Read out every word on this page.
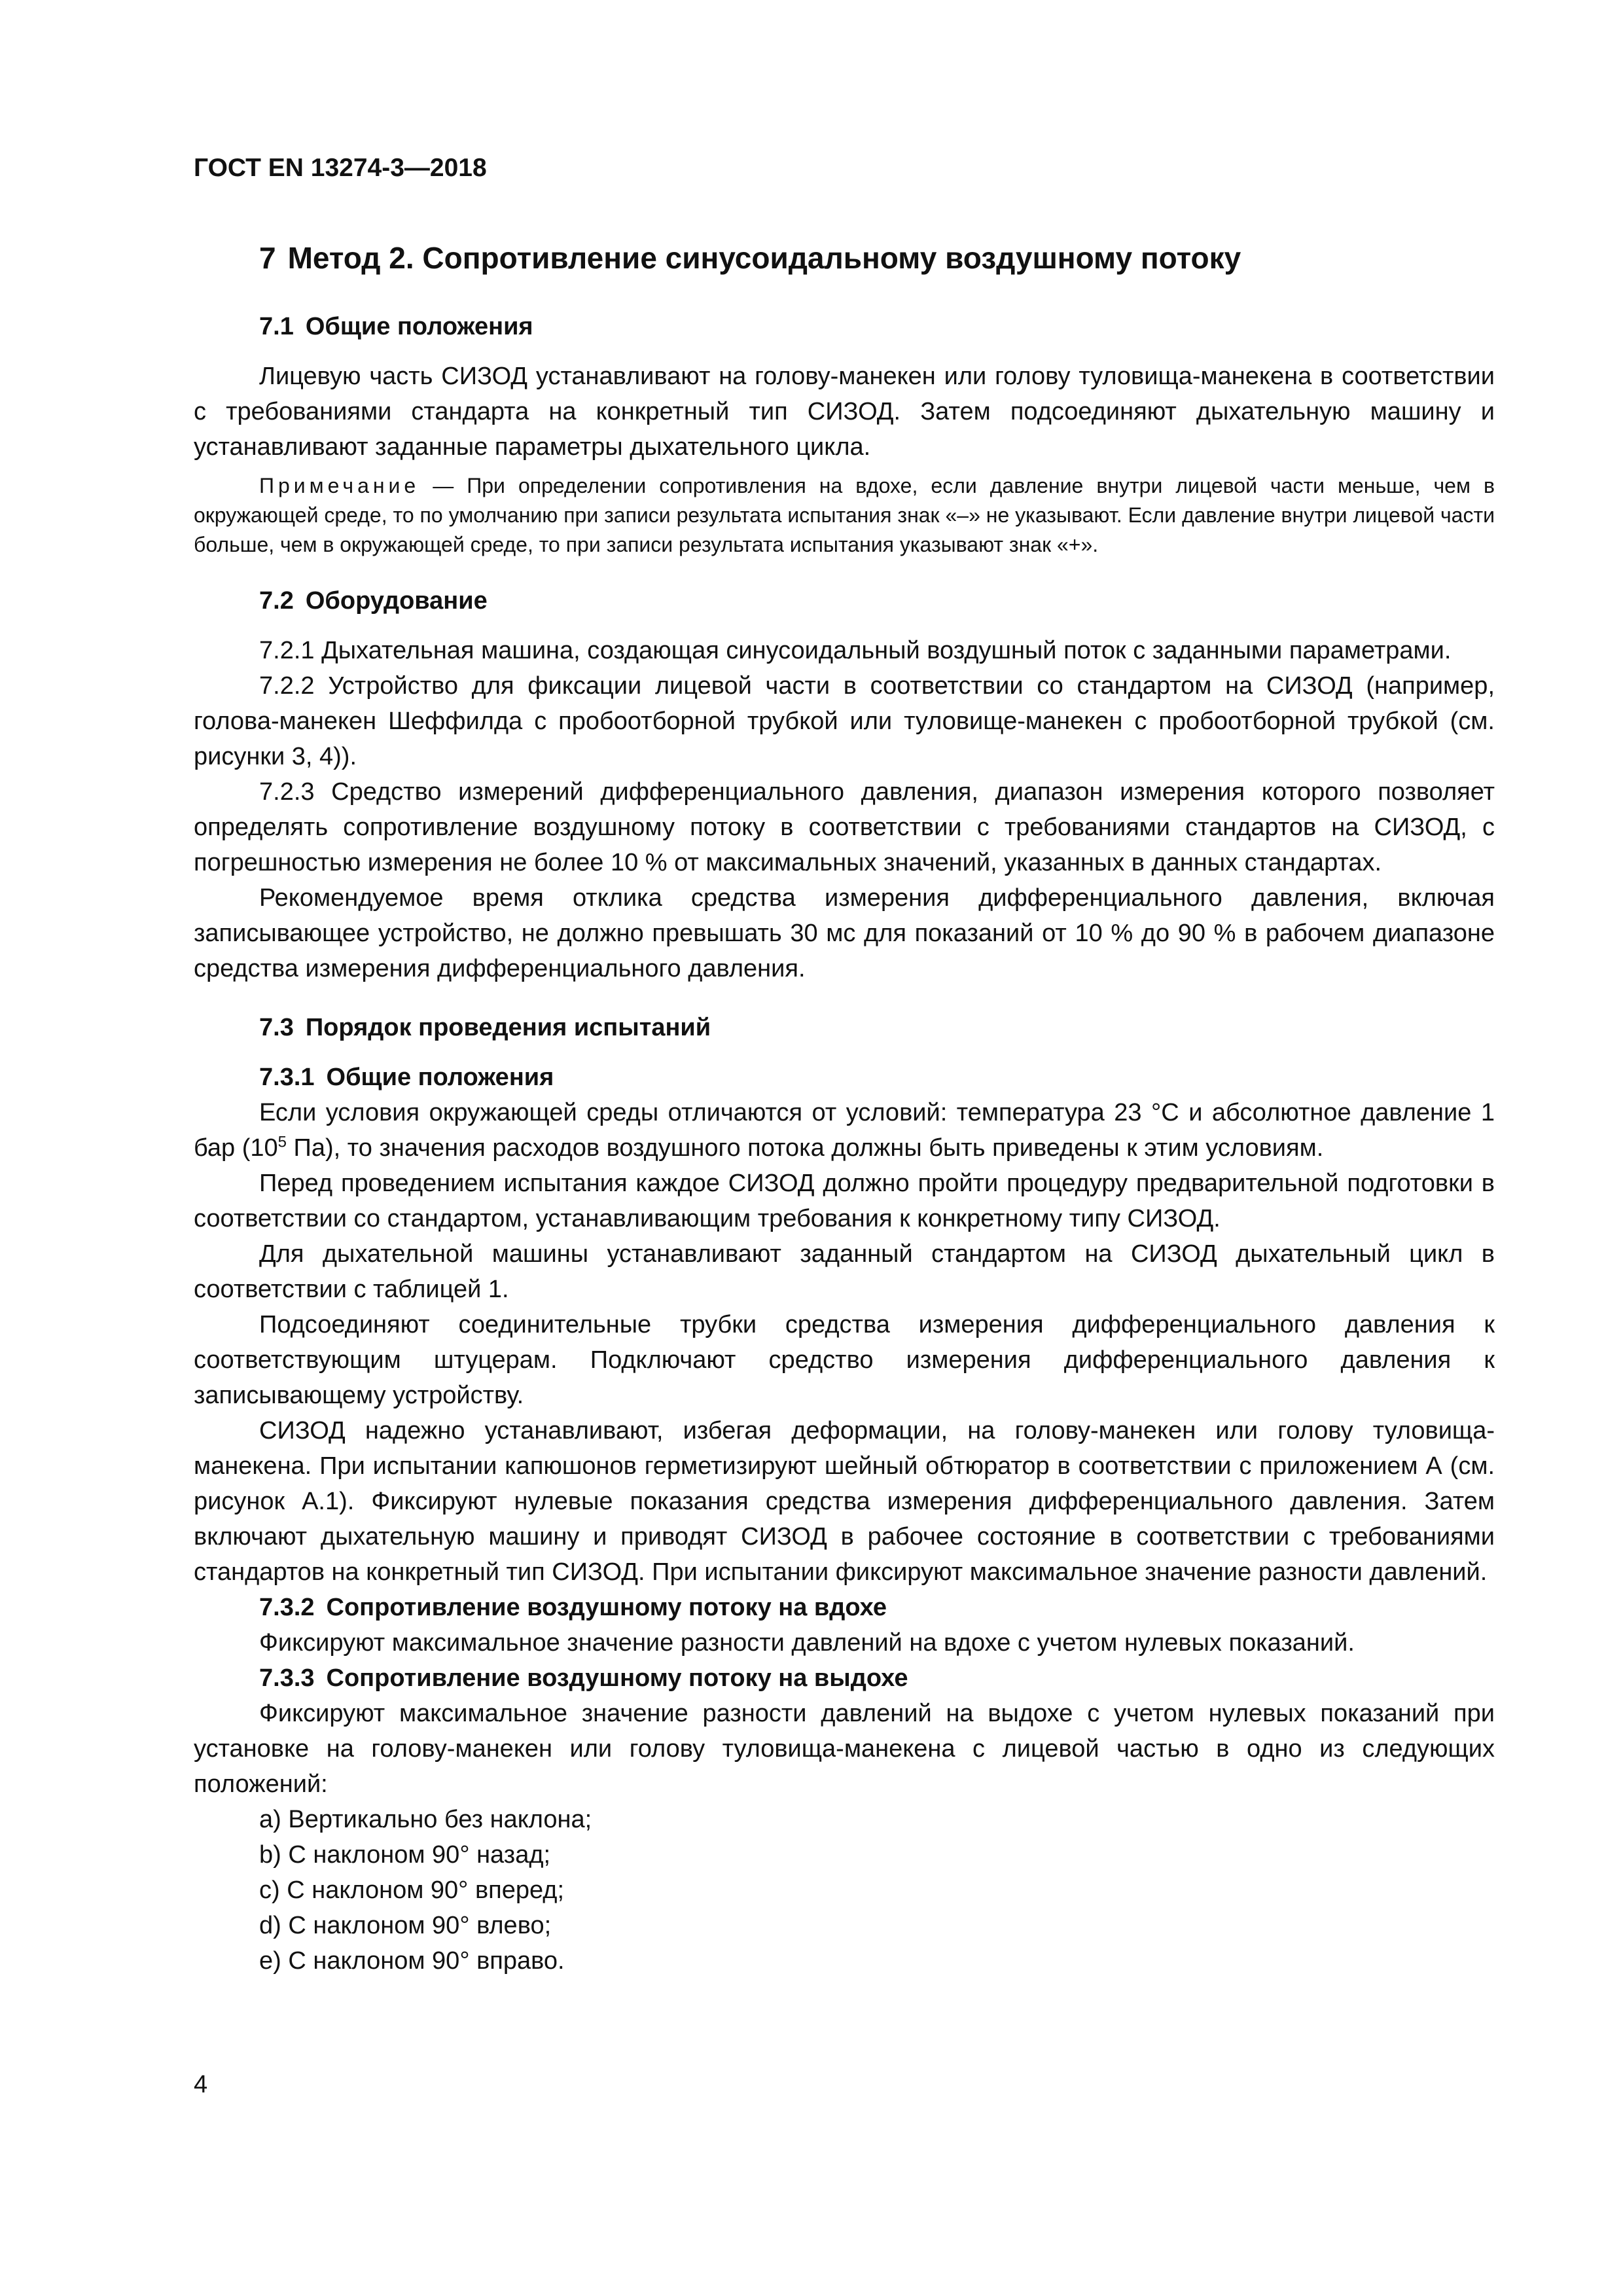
ГОСТ EN 13274-3—2018
7 Метод 2. Сопротивление синусоидальному воздушному потоку
7.1 Общие положения

Лицевую часть СИЗОД устанавливают на голову-манекен или голову туловища-манекена в соответствии с требованиями стандарта на конкретный тип СИЗОД. Затем подсоединяют дыхательную машину и устанавливают заданные параметры дыхательного цикла.

Примечание — При определении сопротивления на вдохе, если давление внутри лицевой части меньше, чем в окружающей среде, то по умолчанию при записи результата испытания знак «–» не указывают. Если давление внутри лицевой части больше, чем в окружающей среде, то при записи результата испытания указывают знак «+».
7.2 Оборудование

7.2.1 Дыхательная машина, создающая синусоидальный воздушный поток с заданными параметрами.

7.2.2 Устройство для фиксации лицевой части в соответствии со стандартом на СИЗОД (например, голова-манекен Шеффилда с пробоотборной трубкой или туловище-манекен с пробоотборной трубкой (см. рисунки 3, 4)).

7.2.3 Средство измерений дифференциального давления, диапазон измерения которого позволяет определять сопротивление воздушному потоку в соответствии с требованиями стандартов на СИЗОД, с погрешностью измерения не более 10 % от максимальных значений, указанных в данных стандартах.

Рекомендуемое время отклика средства измерения дифференциального давления, включая записывающее устройство, не должно превышать 30 мс для показаний от 10 % до 90 % в рабочем диапазоне средства измерения дифференциального давления.

7.3 Порядок проведения испытаний
7.3.1 Общие положения

Если условия окружающей среды отличаются от условий: температура 23 °С и абсолютное давление 1 бар ($10^5$ Па), то значения расходов воздушного потока должны быть приведены к этим условиям.

Перед проведением испытания каждое СИЗОД должно пройти процедуру предварительной подготовки в соответствии со стандартом, устанавливающим требования к конкретному типу СИЗОД.

Для дыхательной машины устанавливают заданный стандартом на СИЗОД дыхательный цикл в соответствии с таблицей 1.

Подсоединяют соединительные трубки средства измерения дифференциального давления к соответствующим штуцерам. Подключают средство измерения дифференциального давления к записывающему устройству.

СИЗОД надежно устанавливают, избегая деформации, на голову-манекен или голову туловища-манекена. При испытании капюшонов герметизируют шейный обтюратор в соответствии с приложением А (см. рисунок А.1). Фиксируют нулевые показания средства измерения дифференциального давления. Затем включают дыхательную машину и приводят СИЗОД в рабочее состояние в соответствии с требованиями стандартов на конкретный тип СИЗОД. При испытании фиксируют максимальное значение разности давлений.

7.3.2 Сопротивление воздушному потоку на вдохе

Фиксируют максимальное значение разности давлений на вдохе с учетом нулевых показаний.

7.3.3 Сопротивление воздушному потоку на выдохе

Фиксируют максимальное значение разности давлений на выдохе с учетом нулевых показаний при установке на голову-манекен или голову туловища-манекена с лицевой частью в одно из следующих положений:

a) Вертикально без наклона;
b) С наклоном 90° назад;
c) С наклоном 90° вперед;
d) С наклоном 90° влево;
e) С наклоном 90° вправо.
4
